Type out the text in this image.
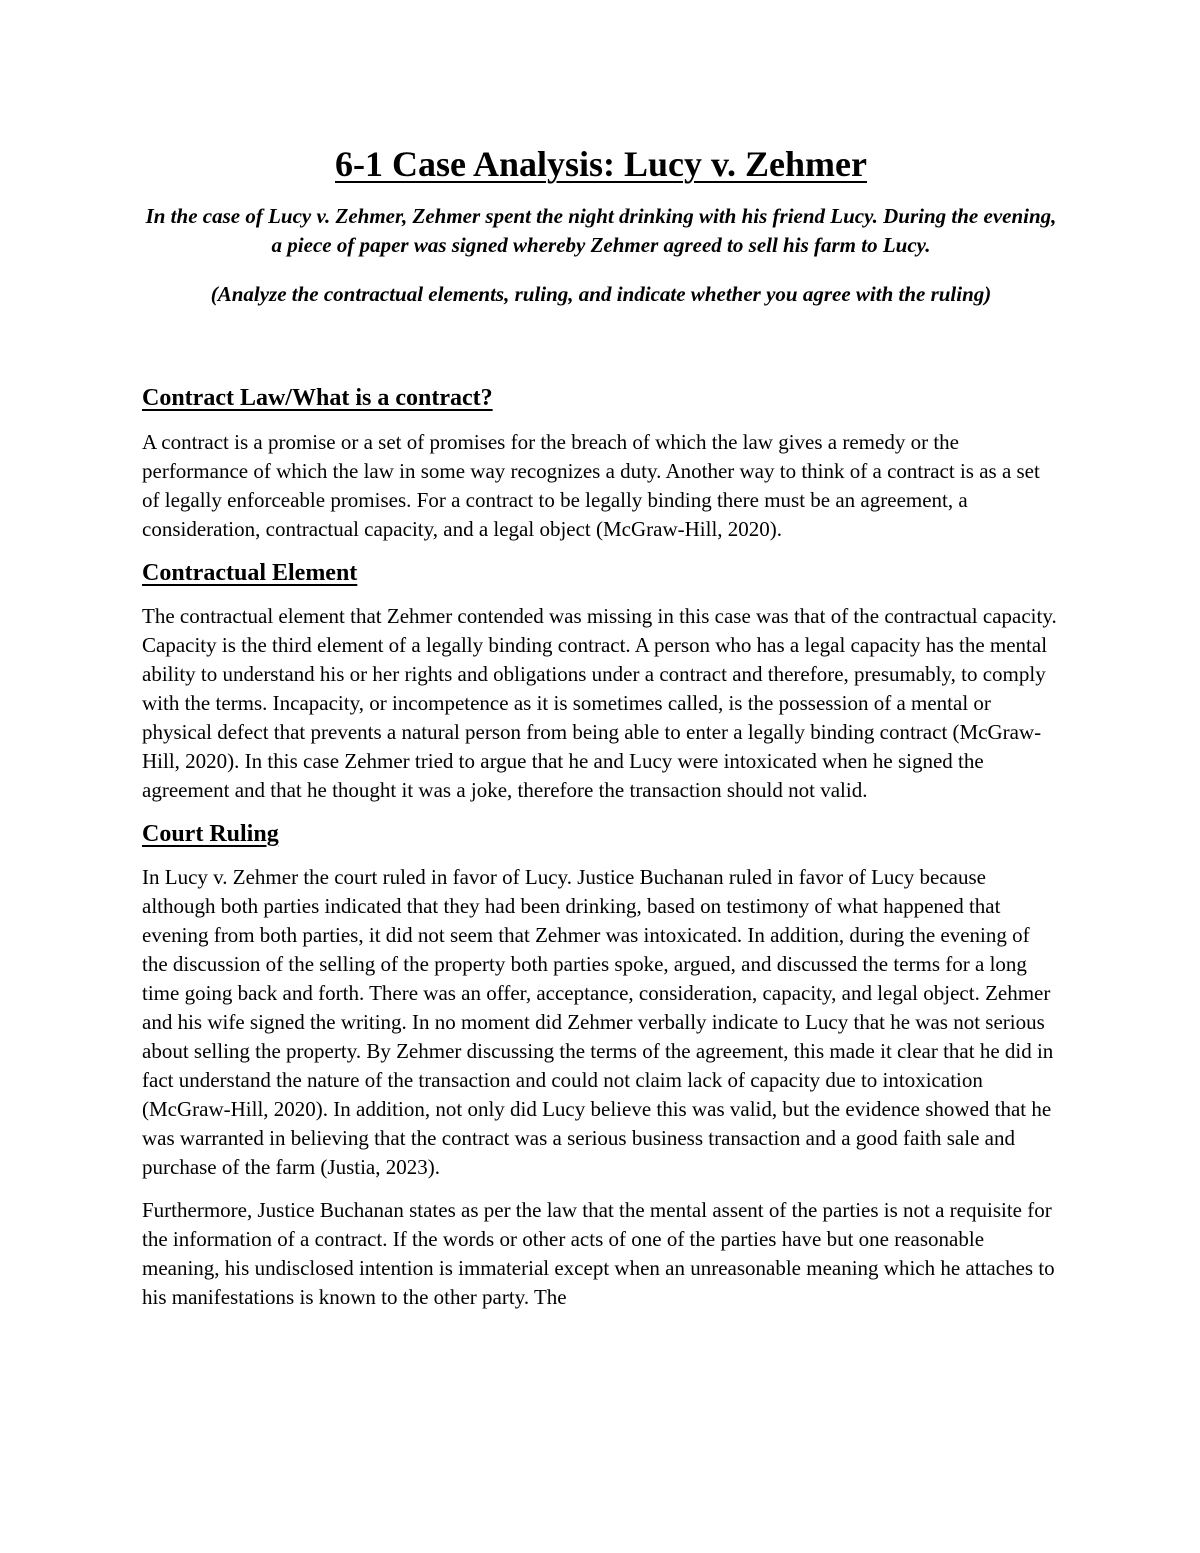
6-1 Case Analysis: Lucy v. Zehmer

In the case of Lucy v. Zehmer, Zehmer spent the night drinking with his friend Lucy. During the evening, a piece of paper was signed whereby Zehmer agreed to sell his farm to Lucy.

(Analyze the contractual elements, ruling, and indicate whether you agree with the ruling)

Contract Law/What is a contract?

A contract is a promise or a set of promises for the breach of which the law gives a remedy or the performance of which the law in some way recognizes a duty. Another way to think of a contract is as a set of legally enforceable promises. For a contract to be legally binding there must be an agreement, a consideration, contractual capacity, and a legal object (McGraw-Hill, 2020).

Contractual Element

The contractual element that Zehmer contended was missing in this case was that of the contractual capacity. Capacity is the third element of a legally binding contract. A person who has a legal capacity has the mental ability to understand his or her rights and obligations under a contract and therefore, presumably, to comply with the terms. Incapacity, or incompetence as it is sometimes called, is the possession of a mental or physical defect that prevents a natural person from being able to enter a legally binding contract (McGraw-Hill, 2020). In this case Zehmer tried to argue that he and Lucy were intoxicated when he signed the agreement and that he thought it was a joke, therefore the transaction should not valid.

Court Ruling

In Lucy v. Zehmer the court ruled in favor of Lucy. Justice Buchanan ruled in favor of Lucy because although both parties indicated that they had been drinking, based on testimony of what happened that evening from both parties, it did not seem that Zehmer was intoxicated. In addition, during the evening of the discussion of the selling of the property both parties spoke, argued, and discussed the terms for a long time going back and forth. There was an offer, acceptance, consideration, capacity, and legal object. Zehmer and his wife signed the writing. In no moment did Zehmer verbally indicate to Lucy that he was not serious about selling the property. By Zehmer discussing the terms of the agreement, this made it clear that he did in fact understand the nature of the transaction and could not claim lack of capacity due to intoxication (McGraw-Hill, 2020). In addition, not only did Lucy believe this was valid, but the evidence showed that he was warranted in believing that the contract was a serious business transaction and a good faith sale and purchase of the farm (Justia, 2023).

Furthermore, Justice Buchanan states as per the law that the mental assent of the parties is not a requisite for the information of a contract. If the words or other acts of one of the parties have but one reasonable meaning, his undisclosed intention is immaterial except when an unreasonable meaning which he attaches to his manifestations is known to the other party. The
